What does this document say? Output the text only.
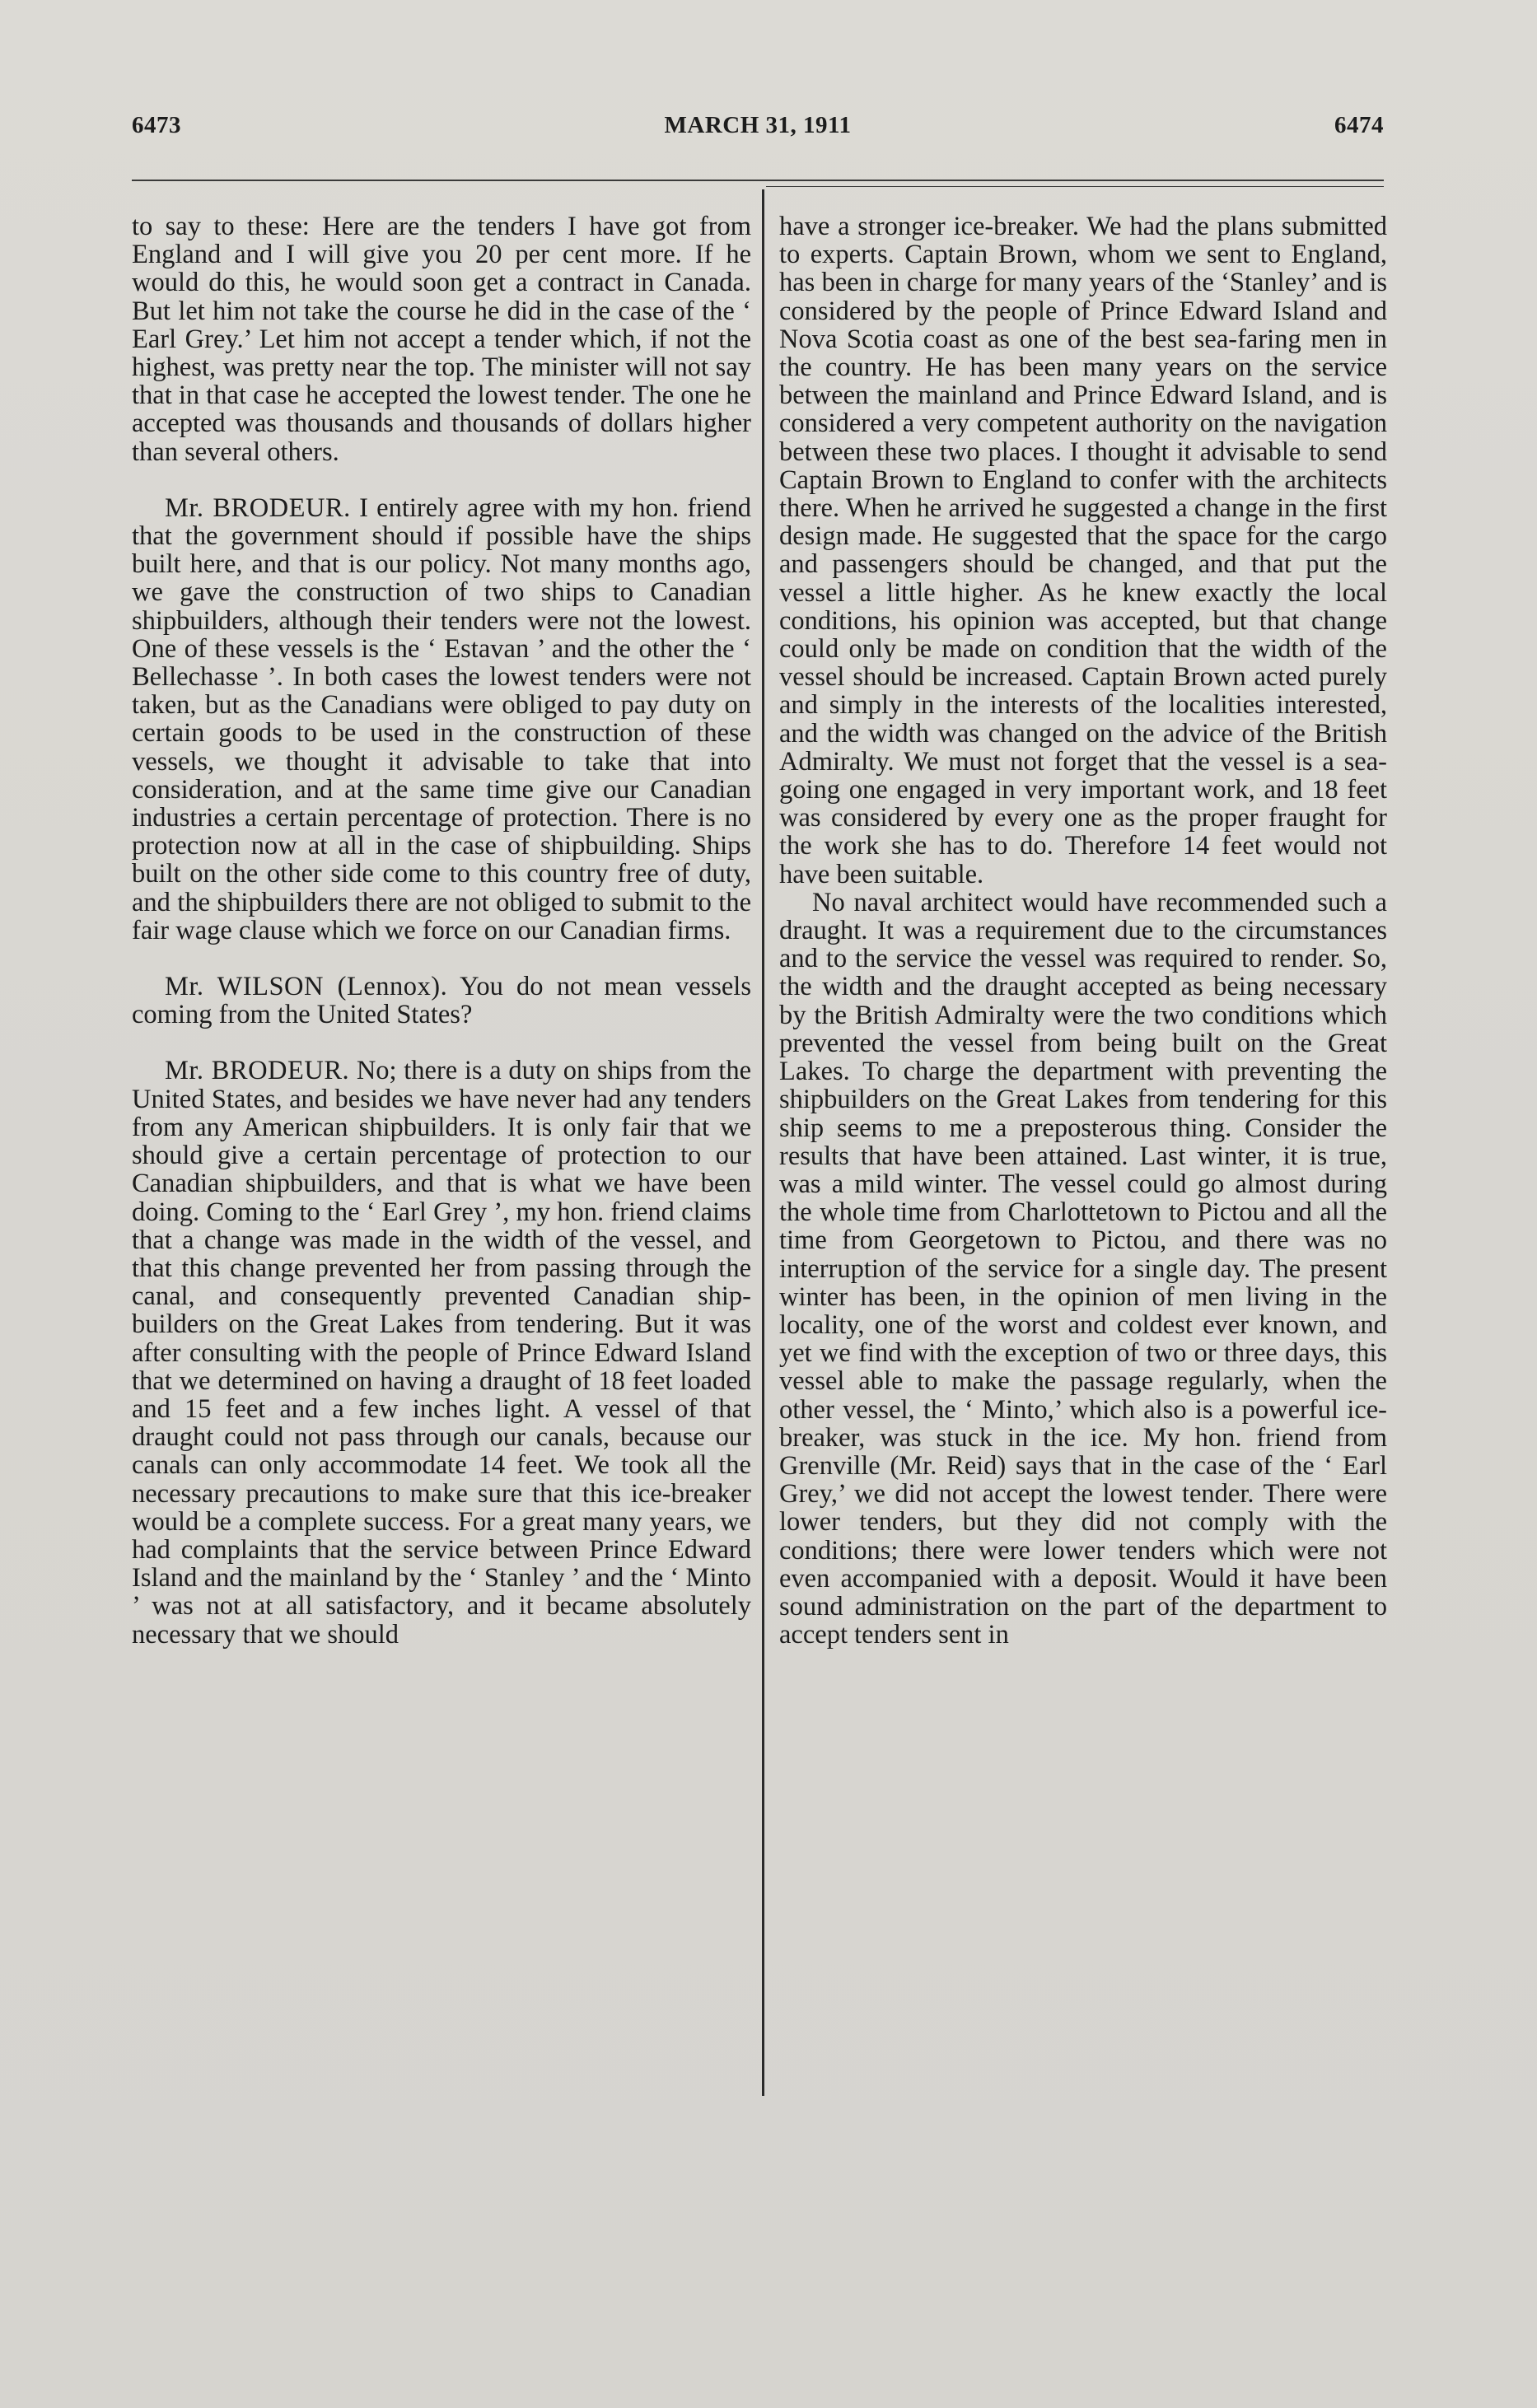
6473	MARCH 31, 1911	6474

to say to these: Here are the tenders I have got from England and I will give you 20 per cent more. If he would do this, he would soon get a contract in Canada. But let him not take the course he did in the case of the ‘ Earl Grey.’ Let him not accept a tender which, if not the highest, was pretty near the top. The minister will not say that in that case he accepted the lowest tender. The one he accepted was thousands and thousands of dollars higher than several others.

Mr. BRODEUR. I entirely agree with my hon. friend that the government should if possible have the ships built here, and that is our policy. Not many months ago, we gave the construction of two ships to Canadian shipbuilders, although their tenders were not the lowest. One of these vessels is the ‘ Estavan ’ and the other the ‘ Bellechasse ’. In both cases the lowest tenders were not taken, but as the Canadians were obliged to pay duty on certain goods to be used in the construction of these vessels, we thought it advisable to take that into consideration, and at the same time give our Canadian industries a certain percentage of protection. There is no protection now at all in the case of shipbuilding. Ships built on the other side come to this country free of duty, and the shipbuilders there are not obliged to submit to the fair wage clause which we force on our Canadian firms.

Mr. WILSON (Lennox). You do not mean vessels coming from the United States?

Mr. BRODEUR. No; there is a duty on ships from the United States, and besides we have never had any tenders from any American shipbuilders. It is only fair that we should give a certain percentage of protection to our Canadian shipbuilders, and that is what we have been doing. Coming to the ‘ Earl Grey ’, my hon. friend claims that a change was made in the width of the vessel, and that this change prevented her from passing through the canal, and consequently prevented Canadian ship-builders on the Great Lakes from tendering. But it was after consulting with the people of Prince Edward Island that we determined on having a draught of 18 feet loaded and 15 feet and a few inches light. A vessel of that draught could not pass through our canals, because our canals can only accommodate 14 feet. We took all the necessary precautions to make sure that this ice-breaker would be a complete success. For a great many years, we had complaints that the service between Prince Edward Island and the mainland by the ‘ Stanley ’ and the ‘ Minto ’ was not at all satisfactory, and it became absolutely necessary that we should

have a stronger ice-breaker. We had the plans submitted to experts. Captain Brown, whom we sent to England, has been in charge for many years of the ‘Stanley’ and is considered by the people of Prince Edward Island and Nova Scotia coast as one of the best sea-faring men in the country. He has been many years on the service between the mainland and Prince Edward Island, and is considered a very competent authority on the navigation between these two places. I thought it advisable to send Captain Brown to England to confer with the architects there. When he arrived he suggested a change in the first design made. He suggested that the space for the cargo and passengers should be changed, and that put the vessel a little higher. As he knew exactly the local conditions, his opinion was accepted, but that change could only be made on condition that the width of the vessel should be increased. Captain Brown acted purely and simply in the interests of the localities interested, and the width was changed on the advice of the British Admiralty. We must not forget that the vessel is a sea-going one engaged in very important work, and 18 feet was considered by every one as the proper fraught for the work she has to do. Therefore 14 feet would not have been suitable.

No naval architect would have recommended such a draught. It was a requirement due to the circumstances and to the service the vessel was required to render. So, the width and the draught accepted as being necessary by the British Admiralty were the two conditions which prevented the vessel from being built on the Great Lakes. To charge the department with preventing the shipbuilders on the Great Lakes from tendering for this ship seems to me a preposterous thing. Consider the results that have been attained. Last winter, it is true, was a mild winter. The vessel could go almost during the whole time from Charlottetown to Pictou and all the time from Georgetown to Pictou, and there was no interruption of the service for a single day. The present winter has been, in the opinion of men living in the locality, one of the worst and coldest ever known, and yet we find with the exception of two or three days, this vessel able to make the passage regularly, when the other vessel, the ‘ Minto,’ which also is a powerful ice-breaker, was stuck in the ice. My hon. friend from Grenville (Mr. Reid) says that in the case of the ‘ Earl Grey,’ we did not accept the lowest tender. There were lower tenders, but they did not comply with the conditions; there were lower tenders which were not even accompanied with a deposit. Would it have been sound administration on the part of the department to accept tenders sent in
